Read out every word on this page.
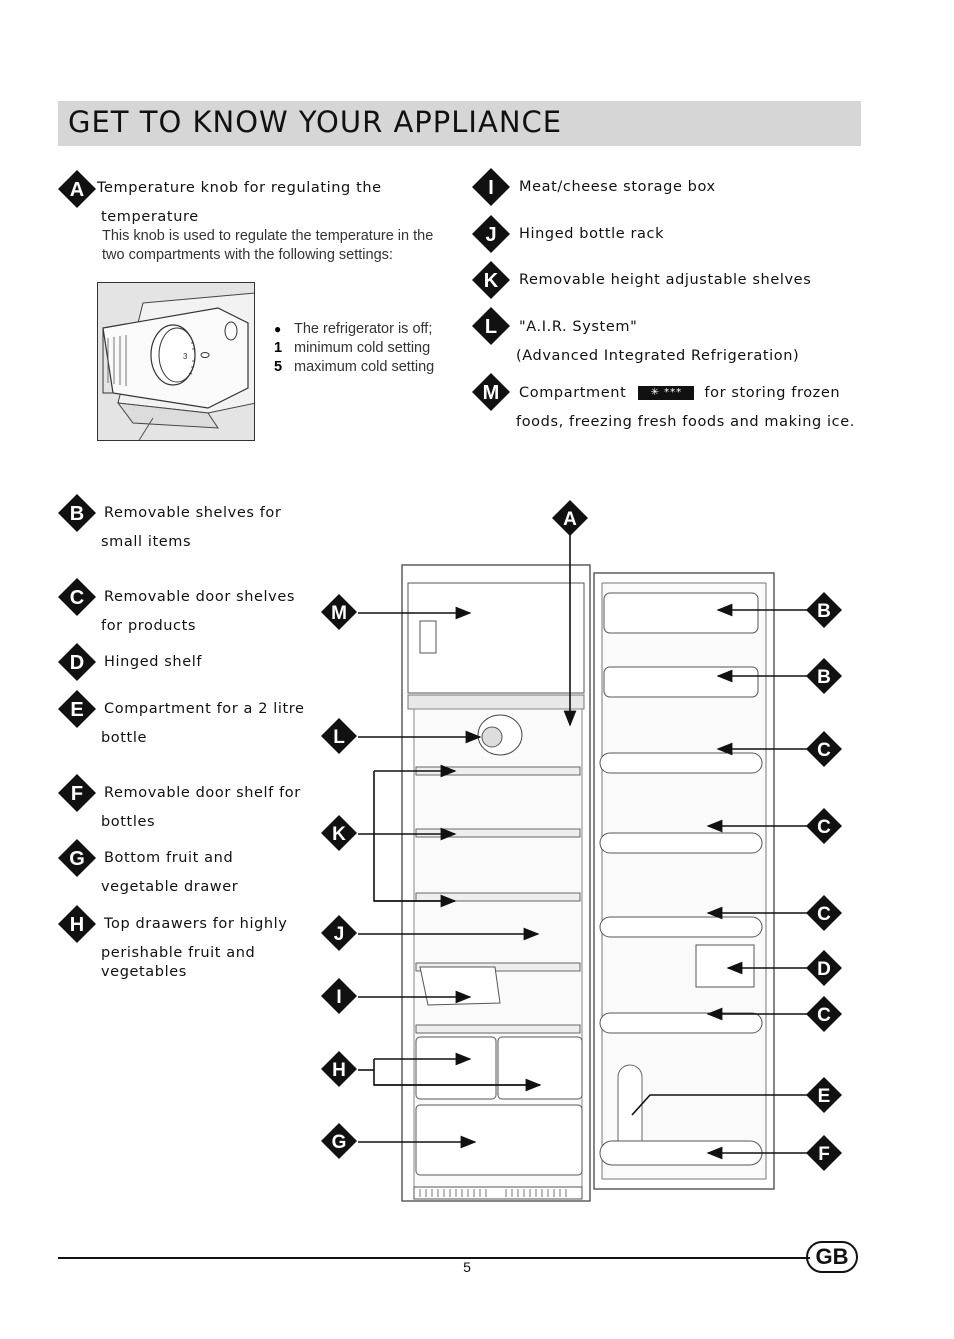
GET TO KNOW YOUR APPLIANCE
A Temperature knob for regulating the
temperature
This knob is used to regulate the temperature in the two compartments with the following settings:
3
● The refrigerator is off;
1 minimum cold setting
5 maximum cold setting
I Meat/cheese storage box
J Hinged bottle rack
K Removable height adjustable shelves
L "A.I.R. System"
(Advanced Integrated Refrigeration)
M Compartment ✳ *** for storing frozen
foods, freezing fresh foods and making ice.
B Removable shelves for
small items
C Removable door shelves
for products
D Hinged shelf
E Compartment for a 2 litre
bottle
F Removable door shelf for
bottles
G Bottom fruit and
vegetable drawer
H Top draawers for highly
perishable fruit and
vegetables
A
M
L
K
J
I
H
G
B
B
C
C
C
D
C
E
F
5	GB
